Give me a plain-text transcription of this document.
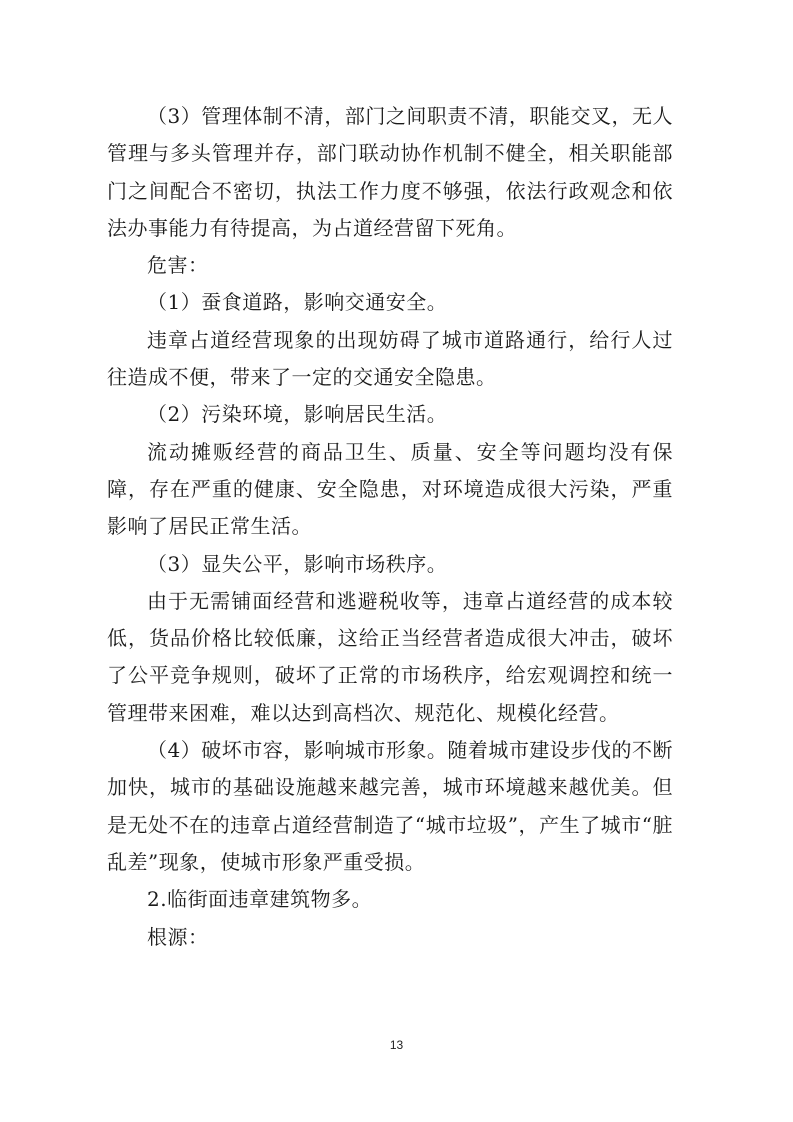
（3）管理体制不清，部门之间职责不清，职能交叉，无人管理与多头管理并存，部门联动协作机制不健全，相关职能部门之间配合不密切，执法工作力度不够强，依法行政观念和依法办事能力有待提高，为占道经营留下死角。

危害：

（1）蚕食道路，影响交通安全。

违章占道经营现象的出现妨碍了城市道路通行，给行人过往造成不便，带来了一定的交通安全隐患。

（2）污染环境，影响居民生活。

流动摊贩经营的商品卫生、质量、安全等问题均没有保障，存在严重的健康、安全隐患，对环境造成很大污染，严重影响了居民正常生活。

（3）显失公平，影响市场秩序。

由于无需铺面经营和逃避税收等，违章占道经营的成本较低，货品价格比较低廉，这给正当经营者造成很大冲击，破坏了公平竞争规则，破坏了正常的市场秩序，给宏观调控和统一管理带来困难，难以达到高档次、规范化、规模化经营。

（4）破坏市容，影响城市形象。随着城市建设步伐的不断加快，城市的基础设施越来越完善，城市环境越来越优美。但是无处不在的违章占道经营制造了“城市垃圾”，产生了城市“脏乱差”现象，使城市形象严重受损。

2.临街面违章建筑物多。

根源：

13
